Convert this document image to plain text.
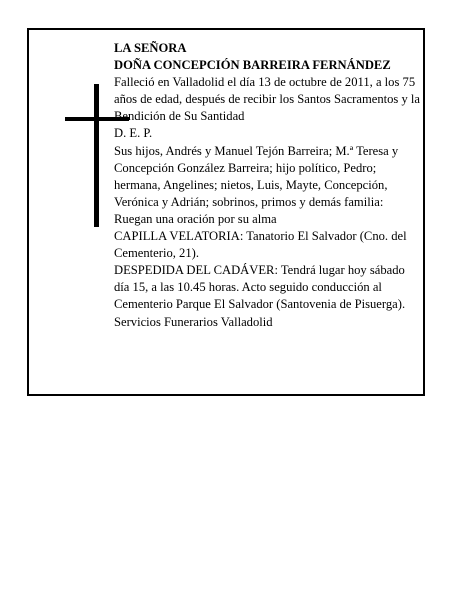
LA SEÑORA

DOÑA CONCEPCIÓN BARREIRA FERNÁNDEZ

Falleció en Valladolid el día 13 de octubre de 2011, a los 75 años de edad, después de recibir los Santos Sacramentos y la Bendición de Su Santidad

D. E. P.

Sus hijos, Andrés y Manuel Tejón Barreira; M.ª Teresa y Concepción González Barreira; hijo político, Pedro; hermana, Angelines; nietos, Luis, Mayte, Concepción, Verónica y Adrián; sobrinos, primos y demás familia:

Ruegan una oración por su alma

CAPILLA VELATORIA: Tanatorio El Salvador (Cno. del Cementerio, 21).

DESPEDIDA DEL CADÁVER: Tendrá lugar hoy sábado día 15, a las 10.45 horas. Acto seguido conducción al Cementerio Parque El Salvador (Santovenia de Pisuerga).

Servicios Funerarios Valladolid
